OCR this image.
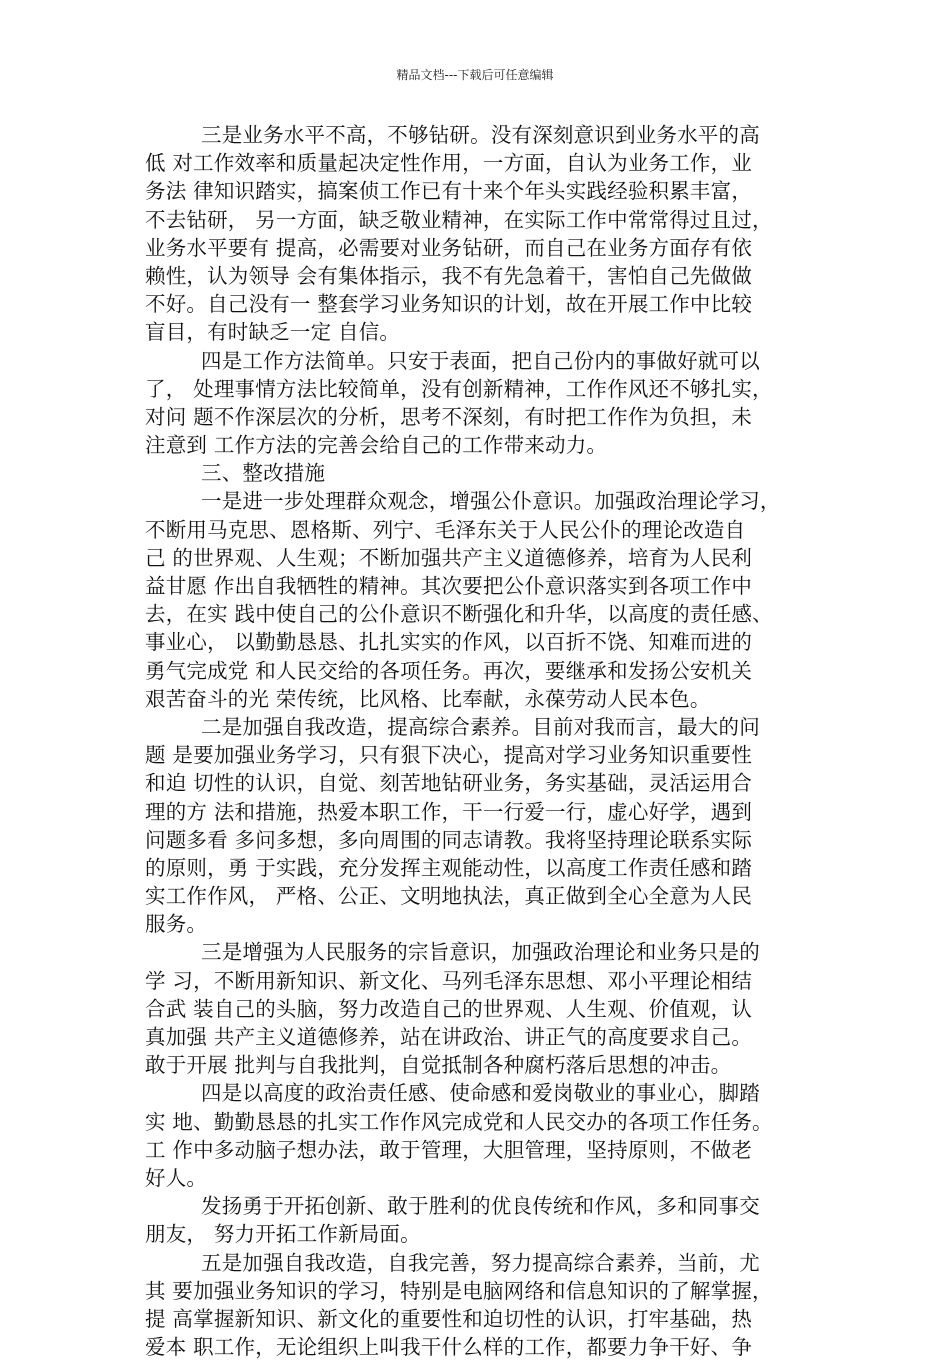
精品文档---下载后可任意编辑
三是业务水平不高，不够钻研。没有深刻意识到业务水平的高
低 对工作效率和质量起决定性作用，一方面，自认为业务工作，业
务法 律知识踏实，搞案侦工作已有十来个年头实践经验积累丰富，
不去钻研， 另一方面，缺乏敬业精神，在实际工作中常常得过且过，
业务水平要有 提高，必需要对业务钻研，而自己在业务方面存有依
赖性，认为领导 会有集体指示，我不有先急着干，害怕自己先做做
不好。自己没有一 整套学习业务知识的计划，故在开展工作中比较
盲目，有时缺乏一定 自信。
四是工作方法简单。只安于表面，把自己份内的事做好就可以
了， 处理事情方法比较简单，没有创新精神，工作作风还不够扎实，
对问 题不作深层次的分析，思考不深刻，有时把工作作为负担，未
注意到 工作方法的完善会给自己的工作带来动力。
三、整改措施
一是进一步处理群众观念，增强公仆意识。加强政治理论学习，
不断用马克思、恩格斯、列宁、毛泽东关于人民公仆的理论改造自
己 的世界观、人生观；不断加强共产主义道德修养，培育为人民利
益甘愿 作出自我牺牲的精神。其次要把公仆意识落实到各项工作中
去，在实 践中使自己的公仆意识不断强化和升华，以高度的责任感、
事业心， 以勤勤恳恳、扎扎实实的作风，以百折不饶、知难而进的
勇气完成党 和人民交给的各项任务。再次，要继承和发扬公安机关
艰苦奋斗的光 荣传统，比风格、比奉献，永葆劳动人民本色。
二是加强自我改造，提高综合素养。目前对我而言，最大的问
题 是要加强业务学习，只有狠下决心，提高对学习业务知识重要性
和迫 切性的认识，自觉、刻苦地钻研业务，务实基础，灵活运用合
理的方 法和措施，热爱本职工作，干一行爱一行，虚心好学，遇到
问题多看 多问多想，多向周围的同志请教。我将坚持理论联系实际
的原则，勇 于实践，充分发挥主观能动性，以高度工作责任感和踏
实工作作风， 严格、公正、文明地执法，真正做到全心全意为人民
服务。
三是增强为人民服务的宗旨意识，加强政治理论和业务只是的
学 习，不断用新知识、新文化、马列毛泽东思想、邓小平理论相结
合武 装自己的头脑，努力改造自己的世界观、人生观、价值观，认
真加强 共产主义道德修养，站在讲政治、讲正气的高度要求自己。
敢于开展 批判与自我批判，自觉抵制各种腐朽落后思想的冲击。
四是以高度的政治责任感、使命感和爱岗敬业的事业心，脚踏
实 地、勤勤恳恳的扎实工作作风完成党和人民交办的各项工作任务。
工 作中多动脑子想办法，敢于管理，大胆管理，坚持原则，不做老
好人。
发扬勇于开拓创新、敢于胜利的优良传统和作风，多和同事交
朋友， 努力开拓工作新局面。
五是加强自我改造，自我完善，努力提高综合素养，当前，尤
其 要加强业务知识的学习，特别是电脑网络和信息知识的了解掌握，
提 高掌握新知识、新文化的重要性和迫切性的认识，打牢基础，热
爱本 职工作，无论组织上叫我干什么样的工作，都要力争干好、争
